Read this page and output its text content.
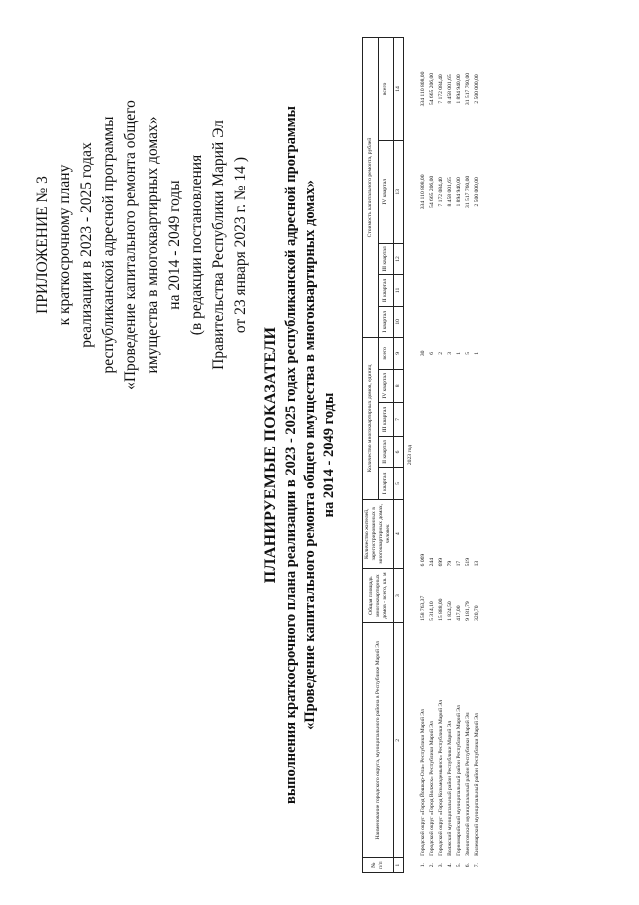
ПРИЛОЖЕНИЕ № 3 к краткосрочному плану реализации в 2023 - 2025 годах республиканской адресной программы «Проведение капитального ремонта общего имущества в многоквартирных домах» на 2014 - 2049 годы (в редакции постановления Правительства Республики Марий Эл от 23 января 2023 г. № 14 )
ПЛАНИРУЕМЫЕ ПОКАЗАТЕЛИ выполнения краткосрочного плана реализации в 2023 - 2025 годах республиканской адресной программы «Проведение капитального ремонта общего имущества в многоквартирных домах» на 2014 - 2049 годы
№ п/п	Наименование городского округа, муниципального района в Республике Марий Эл	Общая площадь многоквартирных домов - всего, кв. м	Количество жителей, зарегистрированных в многоквартирных домах, человек	Количество многоквартирных домов, единиц					Стоимость капитального ремонта, рублей				
				I квартал	II квартал	III квартал	IV квартал	всего	I квартал	II квартал	III квартал	IV квартал	всего
1	2	3	4	5	6	7	8	9	10	11	12	13	14
2023 год													

1.	Городской округ «Город Йошкар-Ола» Республики Марий Эл	158 763,37	6 069					30				334 110 808,00	334 110 808,00
2.	Городской округ «Город Волжск» Республики Марий Эл	5 314,10	244					6				54 665 206,00	54 665 206,00
3.	Городской округ «Город Козьмодемьянск» Республики Марий Эл	15 888,00	699					2				7 172 084,40	7 172 084,40
4.	Волжский муниципальный район Республики Марий Эл	1 824,50	79					3				8 458 001,65	8 458 001,65
5.	Горномарийский муниципальный район Республики Марий Эл	417,00	17					1				1 894 940,00	1 894 940,00
6.	Звениговский муниципальный район Республики Марий Эл	9 181,79	519					5				31 517 760,00	31 517 760,00
7.	Килемарский муниципальный район Республики Марий Эл	320,70	13					1				2 500 000,00	2 500 000,00
